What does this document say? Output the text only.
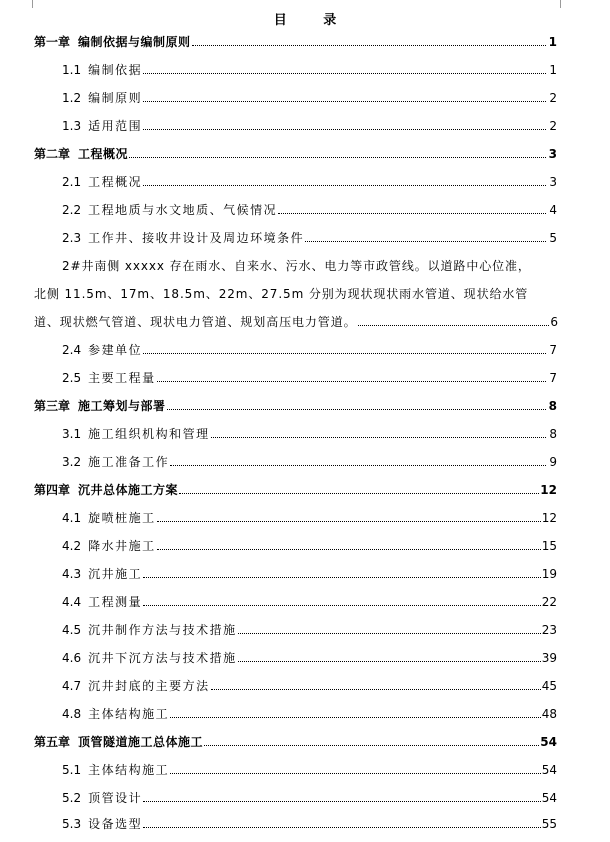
目 录
第一章 编制依据与编制原则	1
1.1 编制依据	1
1.2 编制原则	2
1.3 适用范围	2
第二章 工程概况	3
2.1 工程概况	3
2.2 工程地质与水文地质、气候情况	4
2.3 工作井、接收井设计及周边环境条件	5
2#井南侧 xxxxx 存在雨水、自来水、污水、电力等市政管线。以道路中心位准，
北侧 11.5m、17m、18.5m、22m、27.5m 分别为现状现状雨水管道、现状给水管
道、现状燃气管道、现状电力管道、规划高压电力管道。	6
2.4 参建单位	7
2.5 主要工程量	7
第三章 施工筹划与部署	8
3.1 施工组织机构和管理	8
3.2 施工准备工作	9
第四章 沉井总体施工方案	12
4.1 旋喷桩施工	12
4.2 降水井施工	15
4.3 沉井施工	19
4.4 工程测量	22
4.5 沉井制作方法与技术措施	23
4.6 沉井下沉方法与技术措施	39
4.7 沉井封底的主要方法	45
4.8 主体结构施工	48
第五章 顶管隧道施工总体施工	54
5.1 主体结构施工	54
5.2 顶管设计	54
5.3 设备选型	55
